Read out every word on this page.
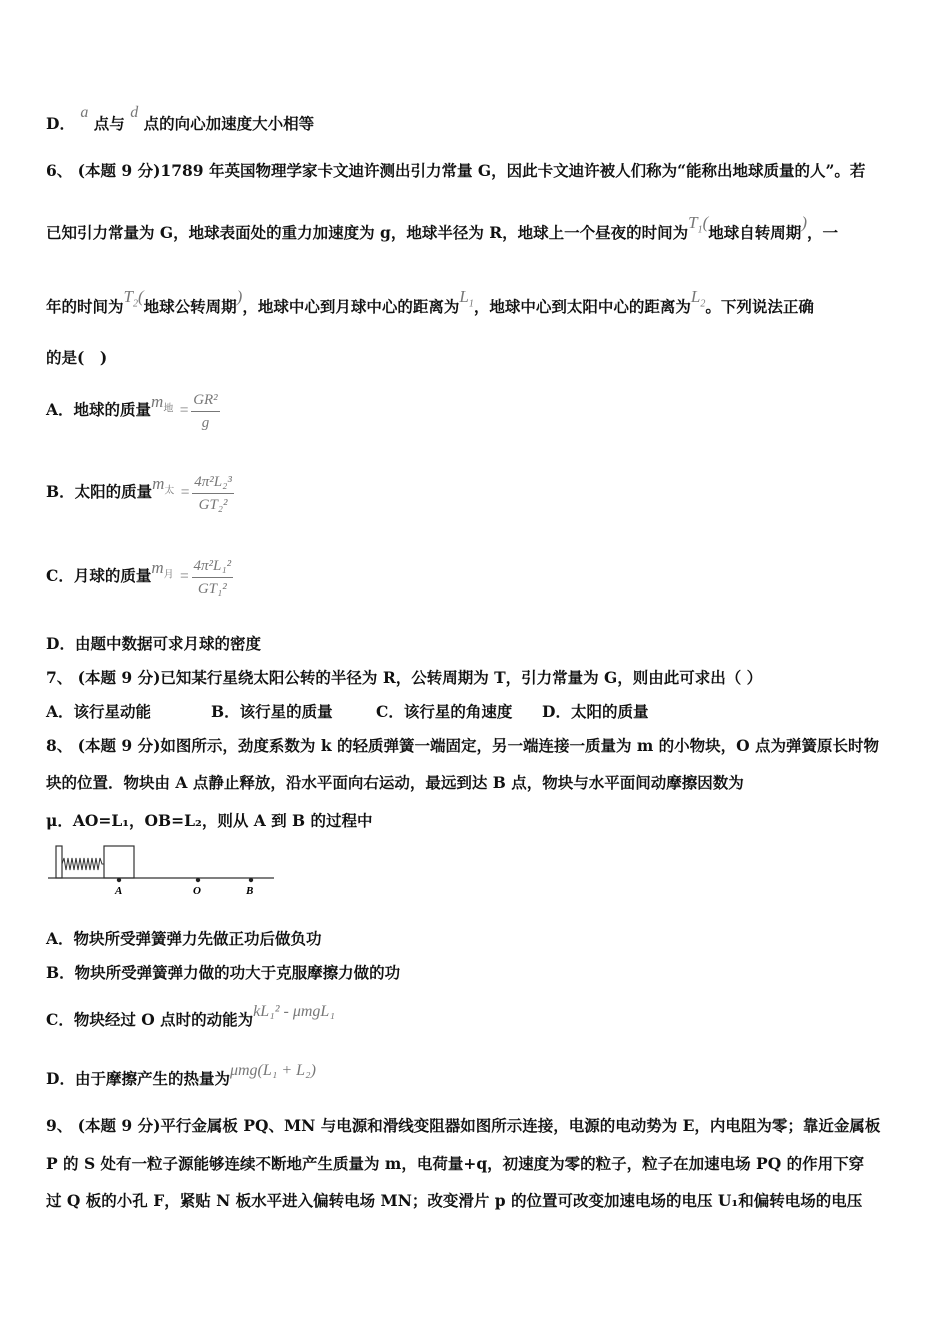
D． a 点与 d 点的向心加速度大小相等
6、 (本题 9 分)1789 年英国物理学家卡文迪许测出引力常量 G，因此卡文迪许被人们称为“能称出地球质量的人”。若
已知引力常量为 G，地球表面处的重力加速度为 g，地球半径为 R，地球上一个昼夜的时间为$T_1$(地球自转周期)，一
年的时间为$T_2$(地球公转周期)，地球中心到月球中心的距离为$L_1$，地球中心到太阳中心的距离为$L_2$。下列说法正确
的是(　)
A．地球的质量$m_地 = \frac{\text{GR²}}{g}$
B．太阳的质量$m_太 = \frac{\text{4π²L₂³}}{\text{GT₂²}}$
C．月球的质量$m_月 = \frac{\text{4π²L₁²}}{\text{GT₁²}}$
D．由题中数据可求月球的密度
7、 (本题 9 分)已知某行星绕太阳公转的半径为 R，公转周期为 T，引力常量为 G，则由此可求出（ ）
A．该行星动能	B．该行星的质量	C．该行星的角速度 D．太阳的质量
8、 (本题 9 分)如图所示，劲度系数为 k 的轻质弹簧一端固定，另一端连接一质量为 m 的小物块，O 点为弹簧原长时物
块的位置．物块由 A 点静止释放，沿水平面向右运动，最远到达 B 点，物块与水平面间动摩擦因数为
μ．AO=L₁，OB=L₂，则从 A 到 B 的过程中
A	O	B
A．物块所受弹簧弹力先做正功后做负功
B．物块所受弹簧弹力做的功大于克服摩擦力做的功
C．物块经过 O 点时的动能为kL₁² - μmgL₁
D．由于摩擦产生的热量为μmg(L₁ + L₂)
9、 (本题 9 分)平行金属板 PQ、MN 与电源和滑线变阻器如图所示连接，电源的电动势为 E，内电阻为零；靠近金属板
P 的 S 处有一粒子源能够连续不断地产生质量为 m，电荷量+q，初速度为零的粒子，粒子在加速电场 PQ 的作用下穿
过 Q 板的小孔 F，紧贴 N 板水平进入偏转电场 MN；改变滑片 p 的位置可改变加速电场的电压 U₁和偏转电场的电压
